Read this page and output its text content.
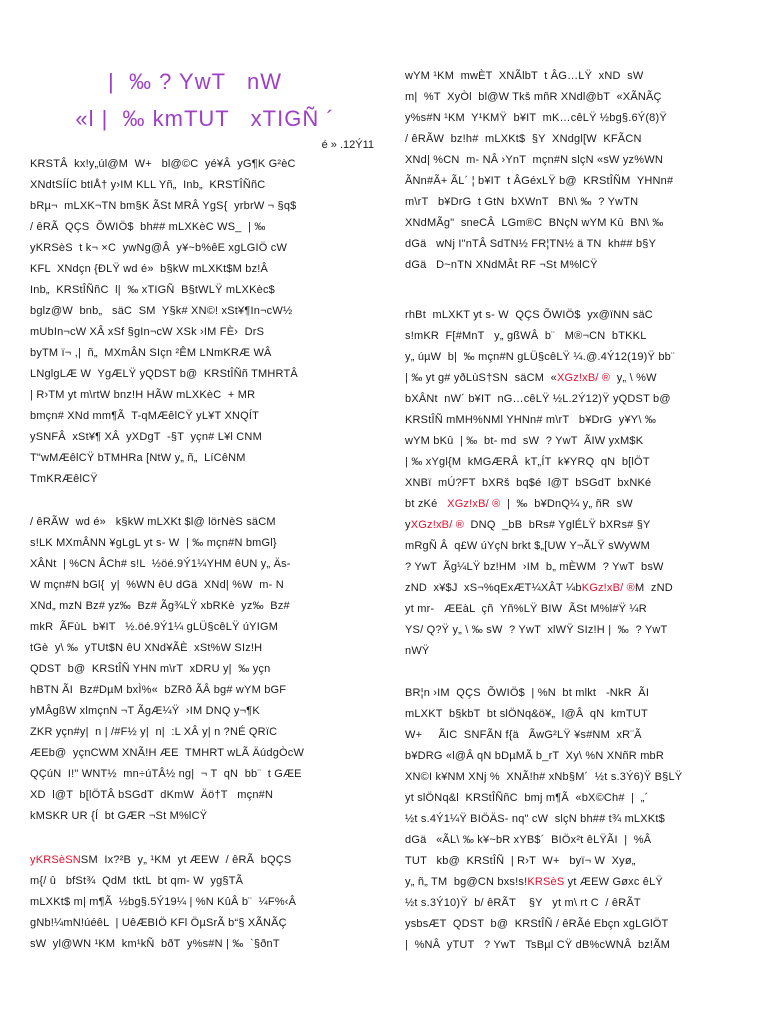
|  ‰ ? YwT   nW
«l |  ‰ kmTUT   xTIGÑ ´
é » .12Ý11
KRSTÂ  kx!y„úl@M  W+   bl@©C  yé¥Â  yG¶K G²èC
XNdtSÍÍC btIÅ† y›IM KLL Yñ„  Inb„  KRSTÎÑñC
bRµ¬  mLXK¬TN bm§K ÃSt MRÂ YgS{  yrbrW ¬ §q$
/ êRÃ  QÇS  ÕWIÖ$  bh## mLXKèC WS_  | ‰
yKRSèS  t k¬ ×C  ywNg@Â  y¥~b%êE xgLGIÖ cW
KFL  XNdçn {ÐLŸ wd é»  b§kW mLXKt$M bz!Â
Inb„  KRStÎÑñC  l|  ‰ xTIGÑ  B§tWLŸ mLXKèc$
bglz@W  bnb„   säC  SM  Y§k# XN©! xSt¥¶In¬cW½
mUbIn¬cW XÂ xSf §gIn¬cW XSk ›IM FÈ›  DrS
byTM ï¬ ,|  ñ„  MXmÂN SIçn ²ÊM LNmKRÆ WÂ
LNglgLÆ W  YgÆLŸ yQDST b@  KRStÎÑñ TMHRTÂ
| R›TM yt m\rtW bnz!H HÃW mLXKèC  + MR
bmçn# XNd mm¶Ã  T-qMÆêlCŸ yL¥T XNQÍT
ySNFÂ  xSt¥¶ XÂ  yXDgT  -§T  yçn# L¥l CNM
T"wMÆêlCŸ bTMHRa [NtW y„ ñ„  LíCêNM
TmKRÆêlCŸ
/ êRÃW  wd é»   k§kW mLXKt $l@ lörNèS säCM
s!LK MXmÂNN ¥gLgL yt s- W  | ‰ mçn#N bmGl}
XÂNt  | %CN ÂCh# s!L  ½öé.9Ý1¼YHM êUN y„ Äs-
W mçn#N bGl{  y|  %WN êU dGä  XNd| %W  m- N
XNd„ mzN Bz# yz‰  Bz# Ãg¾LŸ xbRKè  yz‰  Bz#
mkR  ÃFùL  b¥IT   ½.öé.9Ý1¼ gLÜ§cêLŸ úYIGM
tGè  y\ ‰  yTUt$N êU XNd¥ÃÈ  xSt%W SIz!H
QDST  b@  KRStÎÑ YHN m\rT  xDRU y|  ‰ yçn
hBTN ÃI  Bz#DµM bxÌ%«  bZRð ÃÂ bg# wYM bGF
yMÂgßW xlmçnN ¬T ÃgÆ¼Ÿ  ›IM DNQ y¬¶K
ZKR yçn#y|  n | /#F½ y|  n|  :L XÂ y| n ?NÉ QRïC
ÆEb@  yçnCWM XNÃ!H ÆE  TMHRT wLÃ ÄúdgÒcW
QÇúN  I!" WNT½  mn÷úTÂ½ ng|  ¬ T  qN  bb¨  t GÆE
XD  l@T  b[lÖTÂ bSGdT  dKmW  Äö†T   mçn#N
kMSKR UR {Í  bt GÆR ¬St M%lCŸ
yKRSèSNSM  Ix?²B  y„ ¹KM  yt ÆEW  / êRÃ  bQÇS
m{/ û   bfSt¾  QdM  tktL  bt qm- W  yg§TÃ
mLXKt$ m| m¶Ã  ½bg§.5Ý19¼ | %N KûÂ b¨  ¼F%‹Â
gNb!¼mN!úéêL  | UêÆBIÖ KFl ÖµSrÃ b“§ XÃNÃÇ
sW  yl@WN ¹KM  km¹kÑ  bðT  y%s#N | ‰  `§ðnT
wYM ¹KM  mwÈT  XNÃlbT  t ÂG…LŸ  xND  sW
m|  %T  XyÒl  bl@W Tkš mñR XNdl@bT  «XÃNÃÇ
y%s#N ¹KM  Y¹KMŸ  b¥IT  mK…cêLŸ ½bg§.6Ý(8)Ÿ
/ êRÃW  bz!h#  mLXKt$  §Y  XNdgl[W  KFÃCN
XNd| %CN  m- NÂ ›YnT  mçn#N slçN «sW yz%WN
ÃNn#Ã+ ÃL´ ¦ b¥IT  t ÂGéxLŸ b@  KRStÎÑM  YHNn#
m\rT   b¥DrG  t GtN  bXWnT   BN\ ‰  ? YwTN
XNdMÃg"  sneCÂ  LGm®C  BNçN wYM Kû  BN\ ‰
dGä   wNj I"nTÂ SdTN½ FR¦TN½ ä TN  kh## b§Y
dGä   D~nTN XNdMÂt RF ¬St M%lCŸ
rhBt  mLXKT yt s- W  QÇS ÕWIÖ$  yx@ïNN säC
s!mKR  F[#MnT   y„ gßWÂ  b¨   M®¬CN  bTKKL
y„ úµW  b|  ‰ mçn#N gLÜ§cêLŸ ¼.@.4Ý12(19)Ÿ bb¨
| ‰ yt g# yðLùS†SN  säCM  «XGz!xB/ ®  y„ \ %W
bXÂNt  nW´ b¥IT  nG…cêLŸ ½L.2Ý12)Ÿ yQDST b@
KRStÎÑ mMH%NMl YHNn# m\rT   b¥DrG  y¥Y\ ‰
wYM bKû  | ‰  bt- md  sW  ? YwT  ÃIW yxM$K
| ‰ xYgl{M  kMGÆRÂ  kT„ÍT  k¥YRQ  qN  b[lÖT
XNBï  mÚ?FT  bXRš  bq$é  l@T  bSGdT  bxNKé
bt zKé   XGz!xB/ ®  |  ‰  b¥DnQ¼ y„ ñR  sW
yXGz!xB/ ®  DNQ  _bB  bRs# YglÉLŸ bXRs# §Y
mRgÑ Â  q£W úYçN brkt $„[UW Y¬ÃLŸ sWyWM
? YwT  Ãg¼LŸ bz!HM  ›IM  b„ mÈWM  ? YwT  bsW
zND  x¥$J  xS¬%qExÆT¼XÂT ¼bKGz!xB/ ®M  zND
yt mr-   ÆEàL  çñ  Yñ%LŸ BIW  ÃSt M%l#Ÿ ¼R
YS/ Q?Ÿ y„ \ ‰ sW  ? YwT  xlWŸ SIz!H |  ‰  ? YwT
nWŸ
BR¦n ›IM  QÇS  ÕWIÖ$  | %N  bt mlkt   -NkR  ÃI
mLXKT  b§kbT  bt slÖNq&ö¥„  l@Â  qN  kmTUT
W+     ÃIC  SNFÃN f{ä   ÃwG²LŸ ¥s#NM  xR¨Ã
b¥DRG «l@Â qN bDµMÃ b_rT  Xy\ %N XNñR mbR
XN©I k¥NM XNj %  XNÃ!h# xNb§M´  ½t s.3Ý6)Ÿ B§LŸ
yt slÖNq&l  KRStÎÑñC  bmj m¶Ã  «bX©Ch#  |  „´
½t s.4Ý1¼Ÿ BIÖÄS- nq" cW  slçN bh## t¾ mLXKt$
dGä   «ÃL\ ‰ k¥~bR xYB$´  BIÖx²t êLŸÃI  |  %Â
TUT   kb@  KRStÎÑ  | R›T  W+   byï¬ W  Xyø„
y„ ñ„ TM  bg@CN bxs!s!KRSèS yt ÆEW Gøxc êLŸ
½t s.3Ý10)Ÿ  b/ êRÃT    §Y   yt m\ rt C  / êRÃT
ysbsÆT  QDST  b@  KRStÎÑ / êRÃé Ebçn xgLGlÖT
|  %NÂ  yTUT   ? YwT   TsBµl CŸ dB%cWNÂ  bz!ÃM
